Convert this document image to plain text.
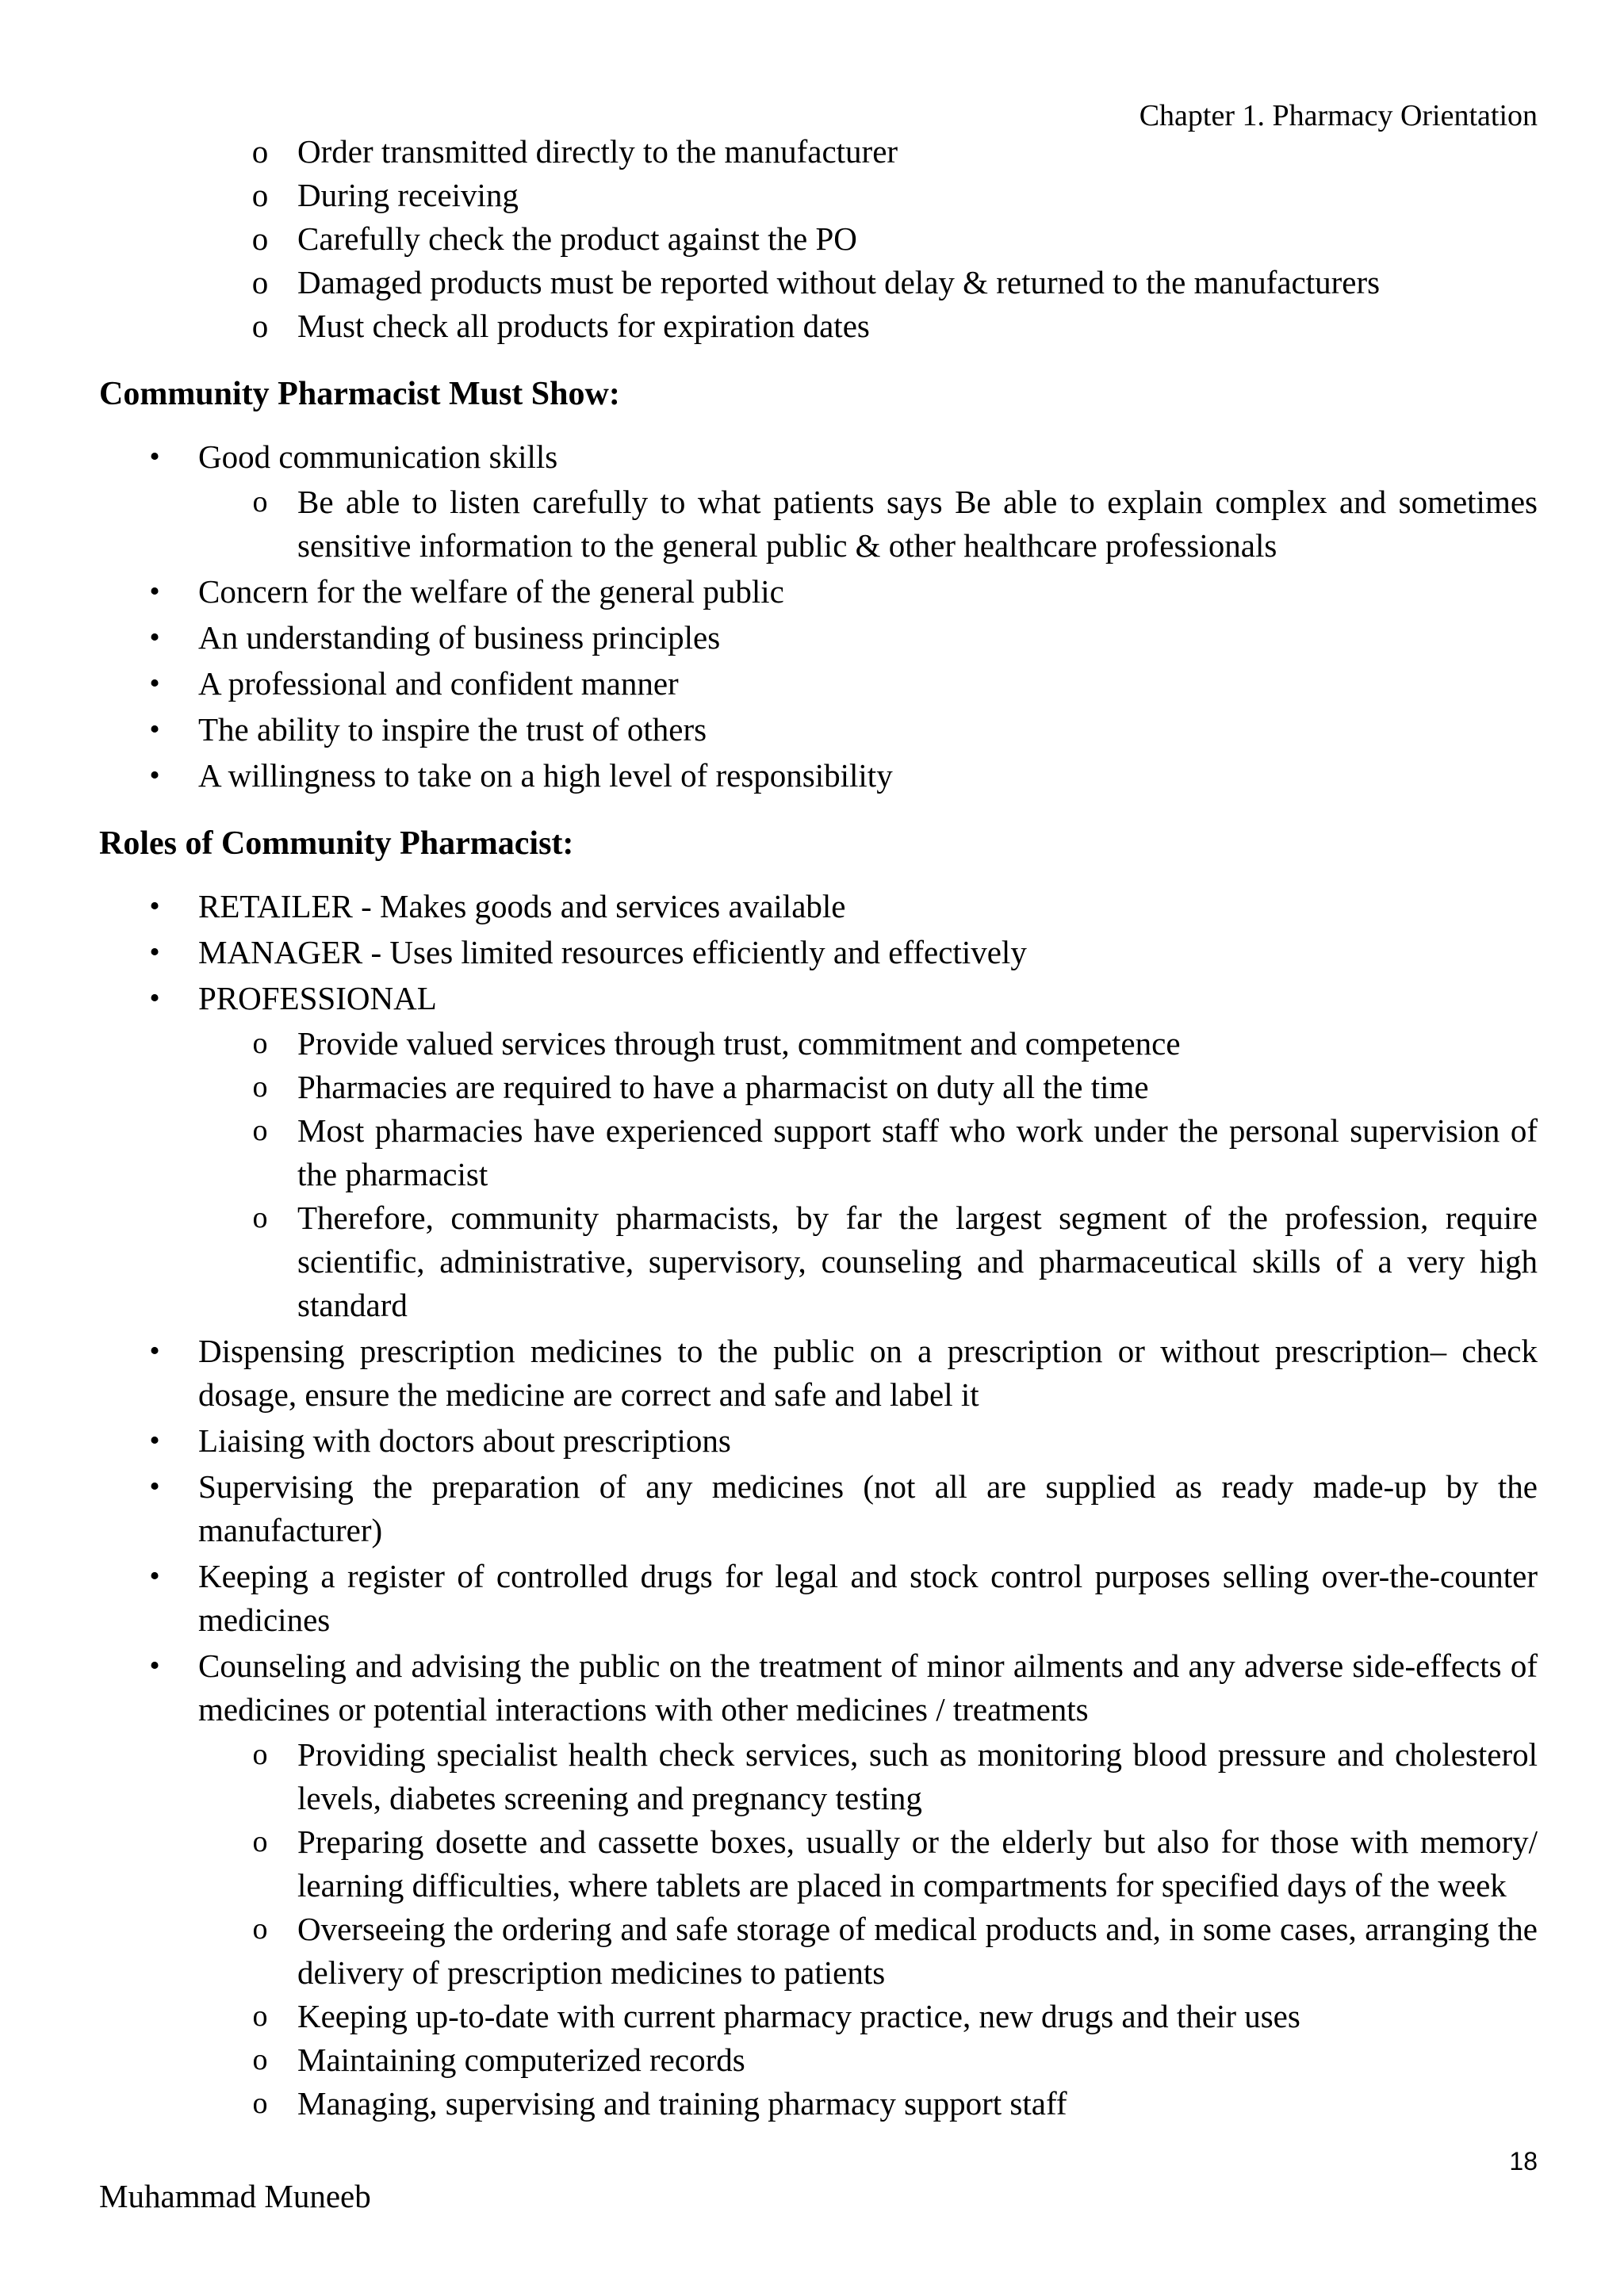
Chapter 1. Pharmacy Orientation
o Order transmitted directly to the manufacturer
o During receiving
o Carefully check the product against the PO
o Damaged products must be reported without delay & returned to the manufacturers
o Must check all products for expiration dates
Community Pharmacist Must Show:
• Good communication skills
o Be able to listen carefully to what patients says Be able to explain complex and sometimes sensitive information to the general public & other healthcare professionals
• Concern for the welfare of the general public
• An understanding of business principles
• A professional and confident manner
• The ability to inspire the trust of others
• A willingness to take on a high level of responsibility
Roles of Community Pharmacist:
• RETAILER - Makes goods and services available
• MANAGER - Uses limited resources efficiently and effectively
• PROFESSIONAL
o Provide valued services through trust, commitment and competence
o Pharmacies are required to have a pharmacist on duty all the time
o Most pharmacies have experienced support staff who work under the personal supervision of the pharmacist
o Therefore, community pharmacists, by far the largest segment of the profession, require scientific, administrative, supervisory, counseling and pharmaceutical skills of a very high standard
• Dispensing prescription medicines to the public on a prescription or without prescription– check dosage, ensure the medicine are correct and safe and label it
• Liaising with doctors about prescriptions
• Supervising the preparation of any medicines (not all are supplied as ready made-up by the manufacturer)
• Keeping a register of controlled drugs for legal and stock control purposes selling over-the-counter medicines
• Counseling and advising the public on the treatment of minor ailments and any adverse side-effects of medicines or potential interactions with other medicines / treatments
o Providing specialist health check services, such as monitoring blood pressure and cholesterol levels, diabetes screening and pregnancy testing
o Preparing dosette and cassette boxes, usually or the elderly but also for those with memory/ learning difficulties, where tablets are placed in compartments for specified days of the week
o Overseeing the ordering and safe storage of medical products and, in some cases, arranging the delivery of prescription medicines to patients
o Keeping up-to-date with current pharmacy practice, new drugs and their uses
o Maintaining computerized records
o Managing, supervising and training pharmacy support staff
18
Muhammad Muneeb
